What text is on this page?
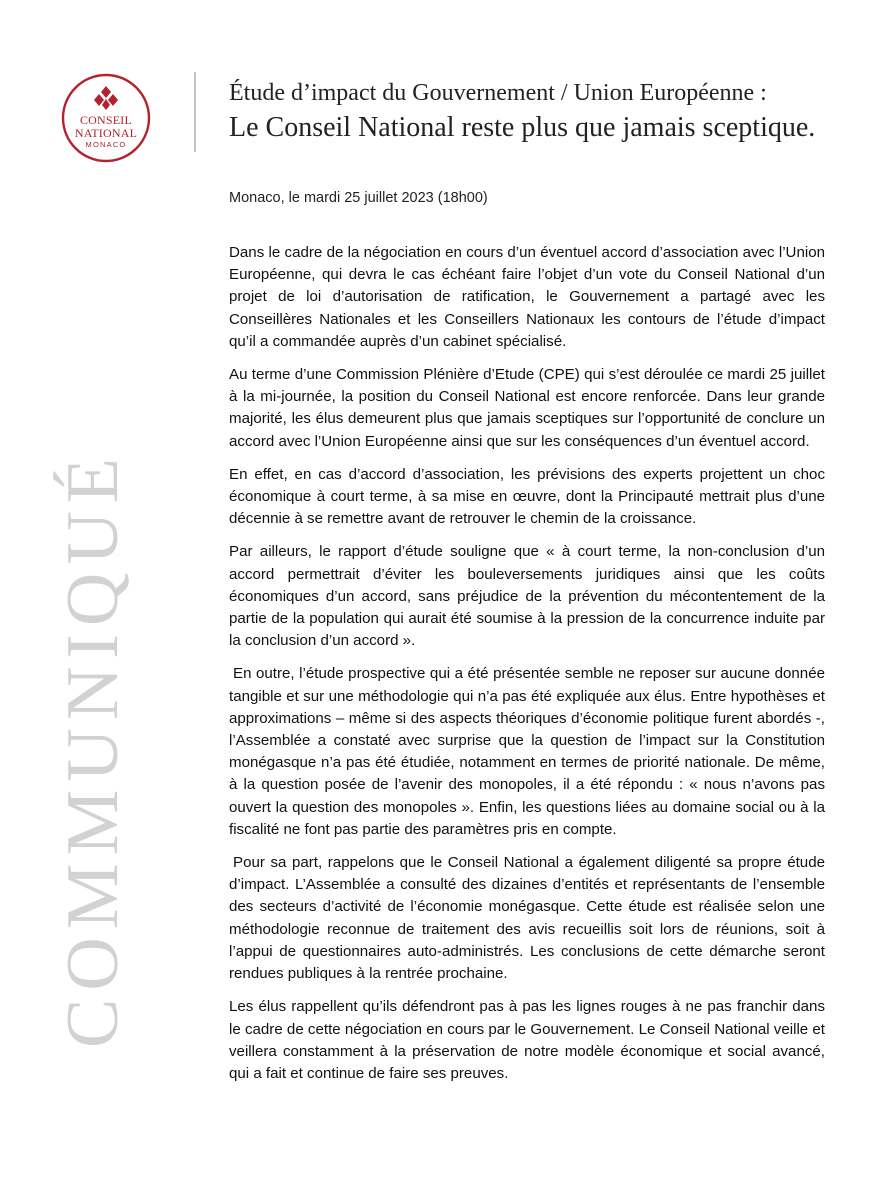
CONSEIL
NATIONAL
MONACO
Étude d’impact du Gouvernement / Union Européenne :
Le Conseil National reste plus que jamais sceptique.
Monaco, le mardi 25 juillet 2023 (18h00)
COMMUNIQUÉ

Dans le cadre de la négociation en cours d’un éventuel accord d’association avec l’Union Européenne, qui devra le cas échéant faire l’objet d’un vote du Conseil National d’un projet de loi d’autorisation de ratification, le Gouvernement a partagé avec les Conseillères Nationales et les Conseillers Nationaux les contours de l’étude d’impact qu’il a commandée auprès d’un cabinet spécialisé.

Au terme d’une Commission Plénière d’Etude (CPE) qui s’est déroulée ce mardi 25 juillet à la mi-journée, la position du Conseil National est encore renforcée. Dans leur grande majorité, les élus demeurent plus que jamais sceptiques sur l’opportunité de conclure un accord avec l’Union Européenne ainsi que sur les conséquences d’un éventuel accord.

En effet, en cas d’accord d’association, les prévisions des experts projettent un choc économique à court terme, à sa mise en œuvre, dont la Principauté mettrait plus d’une décennie à se remettre avant de retrouver le chemin de la croissance.

Par ailleurs, le rapport d’étude souligne que « à court terme, la non-conclusion d’un accord permettrait d’éviter les bouleversements juridiques ainsi que les coûts économiques d’un accord, sans préjudice de la prévention du mécontentement de la partie de la population qui aurait été soumise à la pression de la concurrence induite par la conclusion d’un accord ».

En outre, l’étude prospective qui a été présentée semble ne reposer sur aucune donnée tangible et sur une méthodologie qui n’a pas été expliquée aux élus. Entre hypothèses et approximations – même si des aspects théoriques d’économie politique furent abordés -, l’Assemblée a constaté avec surprise que la question de l’impact sur la Constitution monégasque n’a pas été étudiée, notamment en termes de priorité nationale. De même, à la question posée de l’avenir des monopoles, il a été répondu : « nous n’avons pas ouvert la question des monopoles ». Enfin, les questions liées au domaine social ou à la fiscalité ne font pas partie des paramètres pris en compte.

Pour sa part, rappelons que le Conseil National a également diligenté sa propre étude d’impact. L’Assemblée a consulté des dizaines d’entités et représentants de l’ensemble des secteurs d’activité de l’économie monégasque. Cette étude est réalisée selon une méthodologie reconnue de traitement des avis recueillis soit lors de réunions, soit à l’appui de questionnaires auto-administrés. Les conclusions de cette démarche seront rendues publiques à la rentrée prochaine.

Les élus rappellent qu’ils défendront pas à pas les lignes rouges à ne pas franchir dans le cadre de cette négociation en cours par le Gouvernement. Le Conseil National veille et veillera constamment à la préservation de notre modèle économique et social avancé, qui a fait et continue de faire ses preuves.
